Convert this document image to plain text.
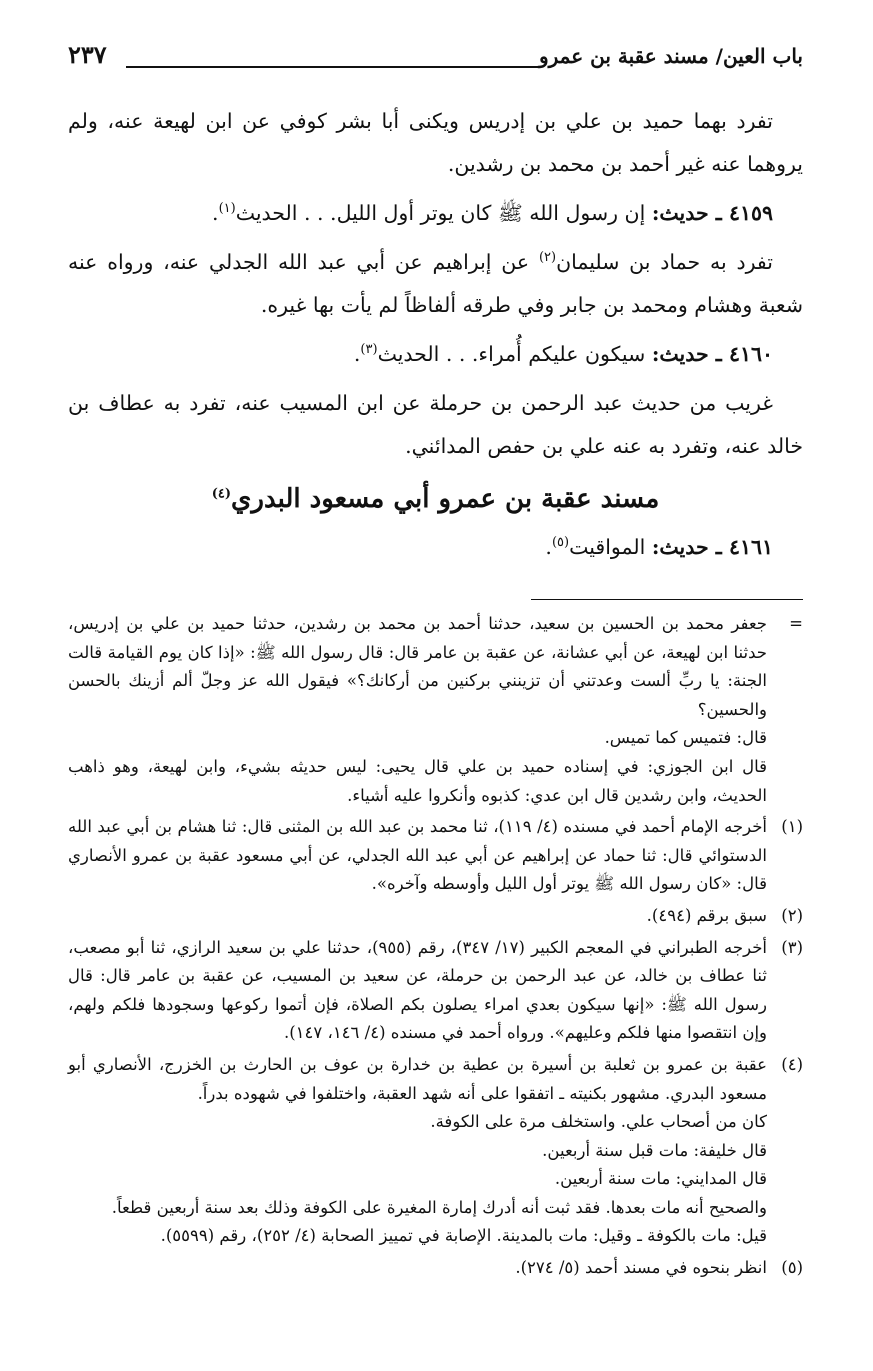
باب العين/ مسند عقبة بن عمرو
٢٣٧

تفرد بهما حميد بن علي بن إدريس ويكنى أبا بشر كوفي عن ابن لهيعة عنه، ولم يروهما عنه غير أحمد بن محمد بن رشدين.

٤١٥٩ ـ حديث: إن رسول الله ﷺ كان يوتر أول الليل. . . الحديث$^{(١)}$.

تفرد به حماد بن سليمان$^{(٢)}$ عن إبراهيم عن أبي عبد الله الجدلي عنه، ورواه عنه شعبة وهشام ومحمد بن جابر وفي طرقه ألفاظاً لم يأت بها غيره.

٤١٦٠ ـ حديث: سيكون عليكم أُمراء. . . الحديث$^{(٣)}$.

غريب من حديث عبد الرحمن بن حرملة عن ابن المسيب عنه، تفرد به عطاف بن خالد عنه، وتفرد به عنه علي بن حفص المدائني.

مسند عقبة بن عمرو أبي مسعود البدري$^{(٤)}$

٤١٦١ ـ حديث: المواقيت$^{(٥)}$.

=
جعفر محمد بن الحسين بن سعيد، حدثنا أحمد بن محمد بن رشدين، حدثنا حميد بن علي بن إدريس، حدثنا ابن لهيعة، عن أبي عشانة، عن عقبة بن عامر قال: قال رسول الله ﷺ: «إذا كان يوم القيامة قالت الجنة: يا ربِّ ألست وعدتني أن تزينني بركنين من أركانك؟» فيقول الله عز وجلّ ألم أزينك بالحسن والحسين؟
قال: فتميس كما تميس.
قال ابن الجوزي: في إسناده حميد بن علي قال يحيى: ليس حديثه بشيء، وابن لهيعة، وهو ذاهب الحديث، وابن رشدين قال ابن عدي: كذبوه وأنكروا عليه أشياء.
(١)
أخرجه الإمام أحمد في مسنده (٤/ ١١٩)، ثنا محمد بن عبد الله بن المثنى قال: ثنا هشام بن أبي عبد الله الدستوائي قال: ثنا حماد عن إبراهيم عن أبي عبد الله الجدلي، عن أبي مسعود عقبة بن عمرو الأنصاري قال: «كان رسول الله ﷺ يوتر أول الليل وأوسطه وآخره».
(٢)
سبق برقم (٤٩٤).
(٣)
أخرجه الطبراني في المعجم الكبير (١٧/ ٣٤٧)، رقم (٩٥٥)، حدثنا علي بن سعيد الرازي، ثنا أبو مصعب، ثنا عطاف بن خالد، عن عبد الرحمن بن حرملة، عن سعيد بن المسيب، عن عقبة بن عامر قال: قال رسول الله ﷺ: «إنها سيكون بعدي امراء يصلون بكم الصلاة، فإن أتموا ركوعها وسجودها فلكم ولهم، وإن انتقصوا منها فلكم وعليهم». ورواه أحمد في مسنده (٤/ ١٤٦، ١٤٧).
(٤)
عقبة بن عمرو بن ثعلبة بن أسيرة بن عطية بن خدارة بن عوف بن الحارث بن الخزرج، الأنصاري أبو مسعود البدري. مشهور بكنيته ـ اتفقوا على أنه شهد العقبة، واختلفوا في شهوده بدراً.
كان من أصحاب علي. واستخلف مرة على الكوفة.
قال خليفة: مات قبل سنة أربعين.
قال المدايني: مات سنة أربعين.
والصحيح أنه مات بعدها. فقد ثبت أنه أدرك إمارة المغيرة على الكوفة وذلك بعد سنة أربعين قطعاً.
قيل: مات بالكوفة ـ وقيل: مات بالمدينة. الإصابة في تمييز الصحابة (٤/ ٢٥٢)، رقم (٥٥٩٩).
(٥)
انظر بنحوه في مسند أحمد (٥/ ٢٧٤).
